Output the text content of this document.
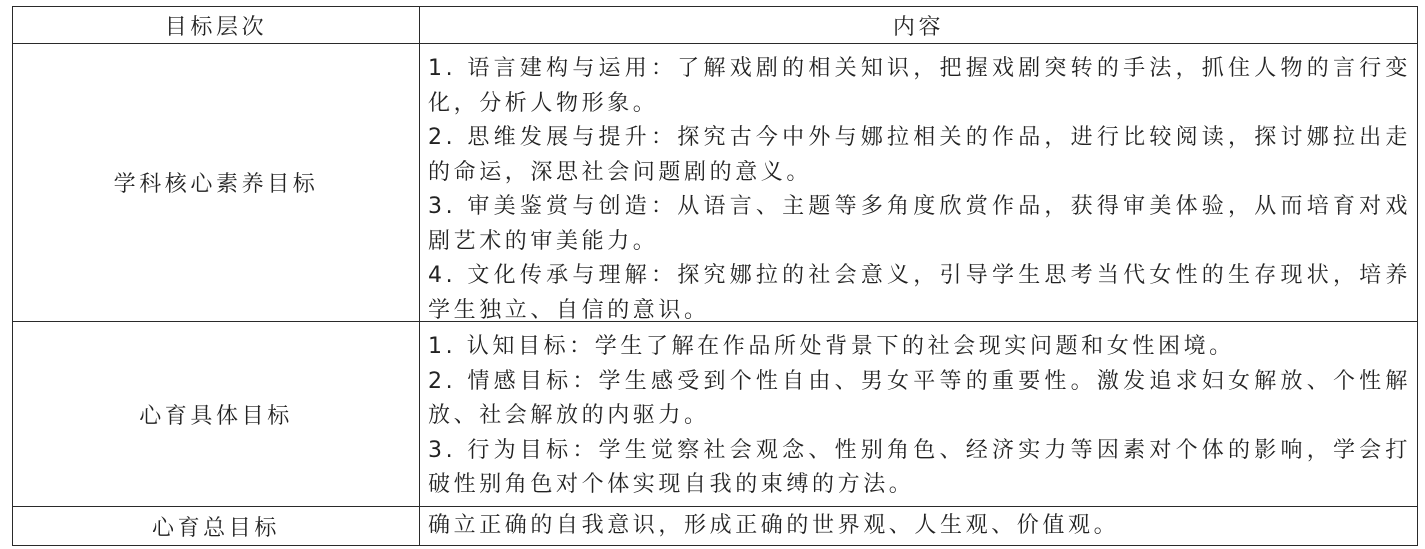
目标层次	内容
学科核心素养目标

1. 语言建构与运用：了解戏剧的相关知识，把握戏剧突转的手法，抓住人物的言行变化，分析人物形象。

2. 思维发展与提升：探究古今中外与娜拉相关的作品，进行比较阅读，探讨娜拉出走的命运，深思社会问题剧的意义。

3. 审美鉴赏与创造：从语言、主题等多角度欣赏作品，获得审美体验，从而培育对戏剧艺术的审美能力。

4. 文化传承与理解：探究娜拉的社会意义，引导学生思考当代女性的生存现状，培养学生独立、自信的意识。

心育具体目标

1. 认知目标：学生了解在作品所处背景下的社会现实问题和女性困境。

2. 情感目标：学生感受到个性自由、男女平等的重要性。激发追求妇女解放、个性解放、社会解放的内驱力。

3. 行为目标：学生觉察社会观念、性别角色、经济实力等因素对个体的影响，学会打破性别角色对个体实现自我的束缚的方法。

心育总目标	确立正确的自我意识，形成正确的世界观、人生观、价值观。
